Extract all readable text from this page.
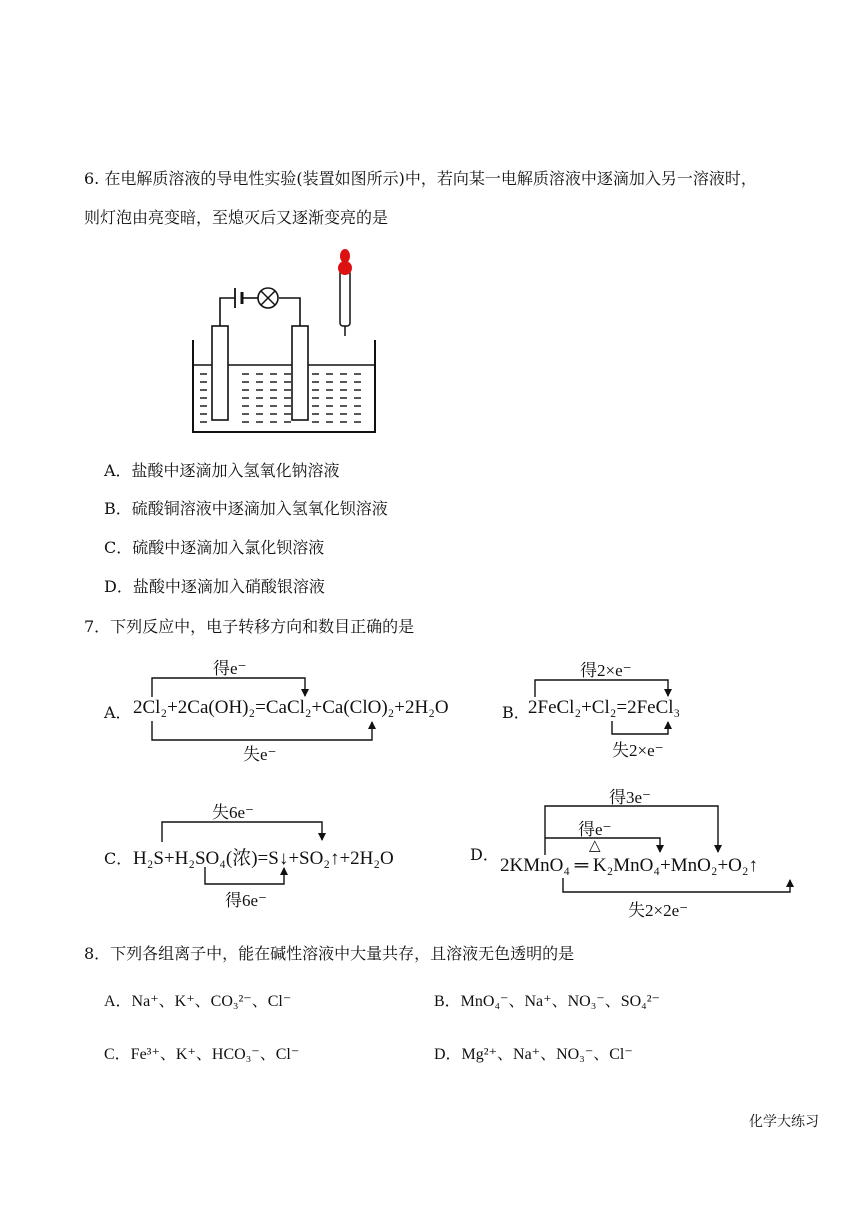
6. 在电解质溶液的导电性实验(装置如图所示)中，若向某一电解质溶液中逐滴加入另一溶液时，
则灯泡由亮变暗，至熄灭后又逐渐变亮的是
A．盐酸中逐滴加入氢氧化钠溶液
B．硫酸铜溶液中逐滴加入氢氧化钡溶液
C．硫酸中逐滴加入氯化钡溶液
D．盐酸中逐滴加入硝酸银溶液
7．下列反应中，电子转移方向和数目正确的是
得e⁻
A． 2Cl₂+2Ca(OH)₂=CaCl₂+Ca(ClO)₂+2H₂O
失e⁻
得2×e⁻
B．
2FeCl₂+Cl₂=2FeCl₃
失2×e⁻
失6e⁻
C． H₂S+H₂SO₄(浓)=S↓+SO₂↑+2H₂O
得6e⁻
得3e⁻
得e⁻
D．	△
2KMnO₄ ═ K₂MnO₄+MnO₂+O₂↑
失2×2e⁻
8．下列各组离子中，能在碱性溶液中大量共存，且溶液无色透明的是
A．Na⁺、K⁺、CO₃²⁻、Cl⁻	B．MnO₄⁻、Na⁺、NO₃⁻、SO₄²⁻
C．Fe³⁺、K⁺、HCO₃⁻、Cl⁻	D．Mg²⁺、Na⁺、NO₃⁻、Cl⁻
化学大练习
